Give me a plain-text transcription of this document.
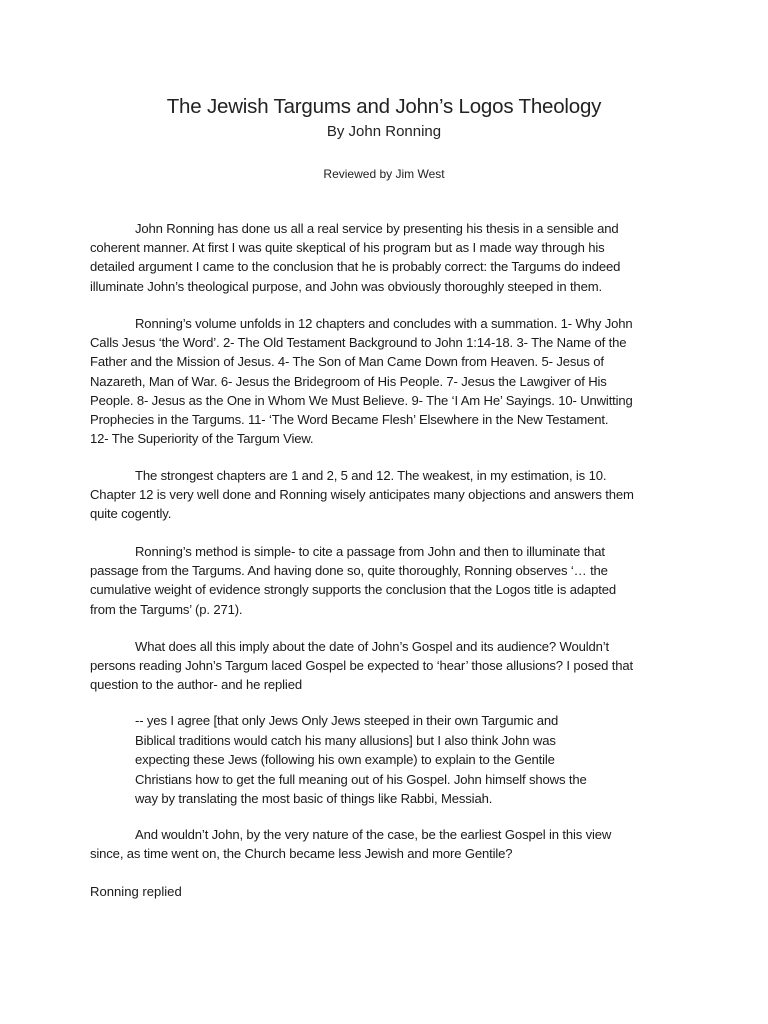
The Jewish Targums and John’s Logos Theology
By John Ronning
Reviewed by Jim West
John Ronning has done us all a real service by presenting his thesis in a sensible and
coherent manner. At first I was quite skeptical of his program but as I made way through his
detailed argument I came to the conclusion that he is probably correct: the Targums do indeed
illuminate John’s theological purpose, and John was obviously thoroughly steeped in them.
Ronning’s volume unfolds in 12 chapters and concludes with a summation. 1- Why John
Calls Jesus ‘the Word’. 2- The Old Testament Background to John 1:14-18. 3- The Name of the
Father and the Mission of Jesus. 4- The Son of Man Came Down from Heaven. 5- Jesus of
Nazareth, Man of War. 6- Jesus the Bridegroom of His People. 7- Jesus the Lawgiver of His
People. 8- Jesus as the One in Whom We Must Believe. 9- The ‘I Am He’ Sayings. 10- Unwitting
Prophecies in the Targums. 11- ‘The Word Became Flesh’ Elsewhere in the New Testament.
12- The Superiority of the Targum View.
The strongest chapters are 1 and 2, 5 and 12. The weakest, in my estimation, is 10.
Chapter 12 is very well done and Ronning wisely anticipates many objections and answers them
quite cogently.
Ronning’s method is simple- to cite a passage from John and then to illuminate that
passage from the Targums. And having done so, quite thoroughly, Ronning observes ‘… the
cumulative weight of evidence strongly supports the conclusion that the Logos title is adapted
from the Targums’ (p. 271).
What does all this imply about the date of John’s Gospel and its audience? Wouldn’t
persons reading John’s Targum laced Gospel be expected to ‘hear’ those allusions? I posed that
question to the author- and he replied
-- yes I agree [that only Jews Only Jews steeped in their own Targumic and
Biblical traditions would catch his many allusions] but I also think John was
expecting these Jews (following his own example) to explain to the Gentile
Christians how to get the full meaning out of his Gospel. John himself shows the
way by translating the most basic of things like Rabbi, Messiah.
And wouldn’t John, by the very nature of the case, be the earliest Gospel in this view
since, as time went on, the Church became less Jewish and more Gentile?
Ronning replied
